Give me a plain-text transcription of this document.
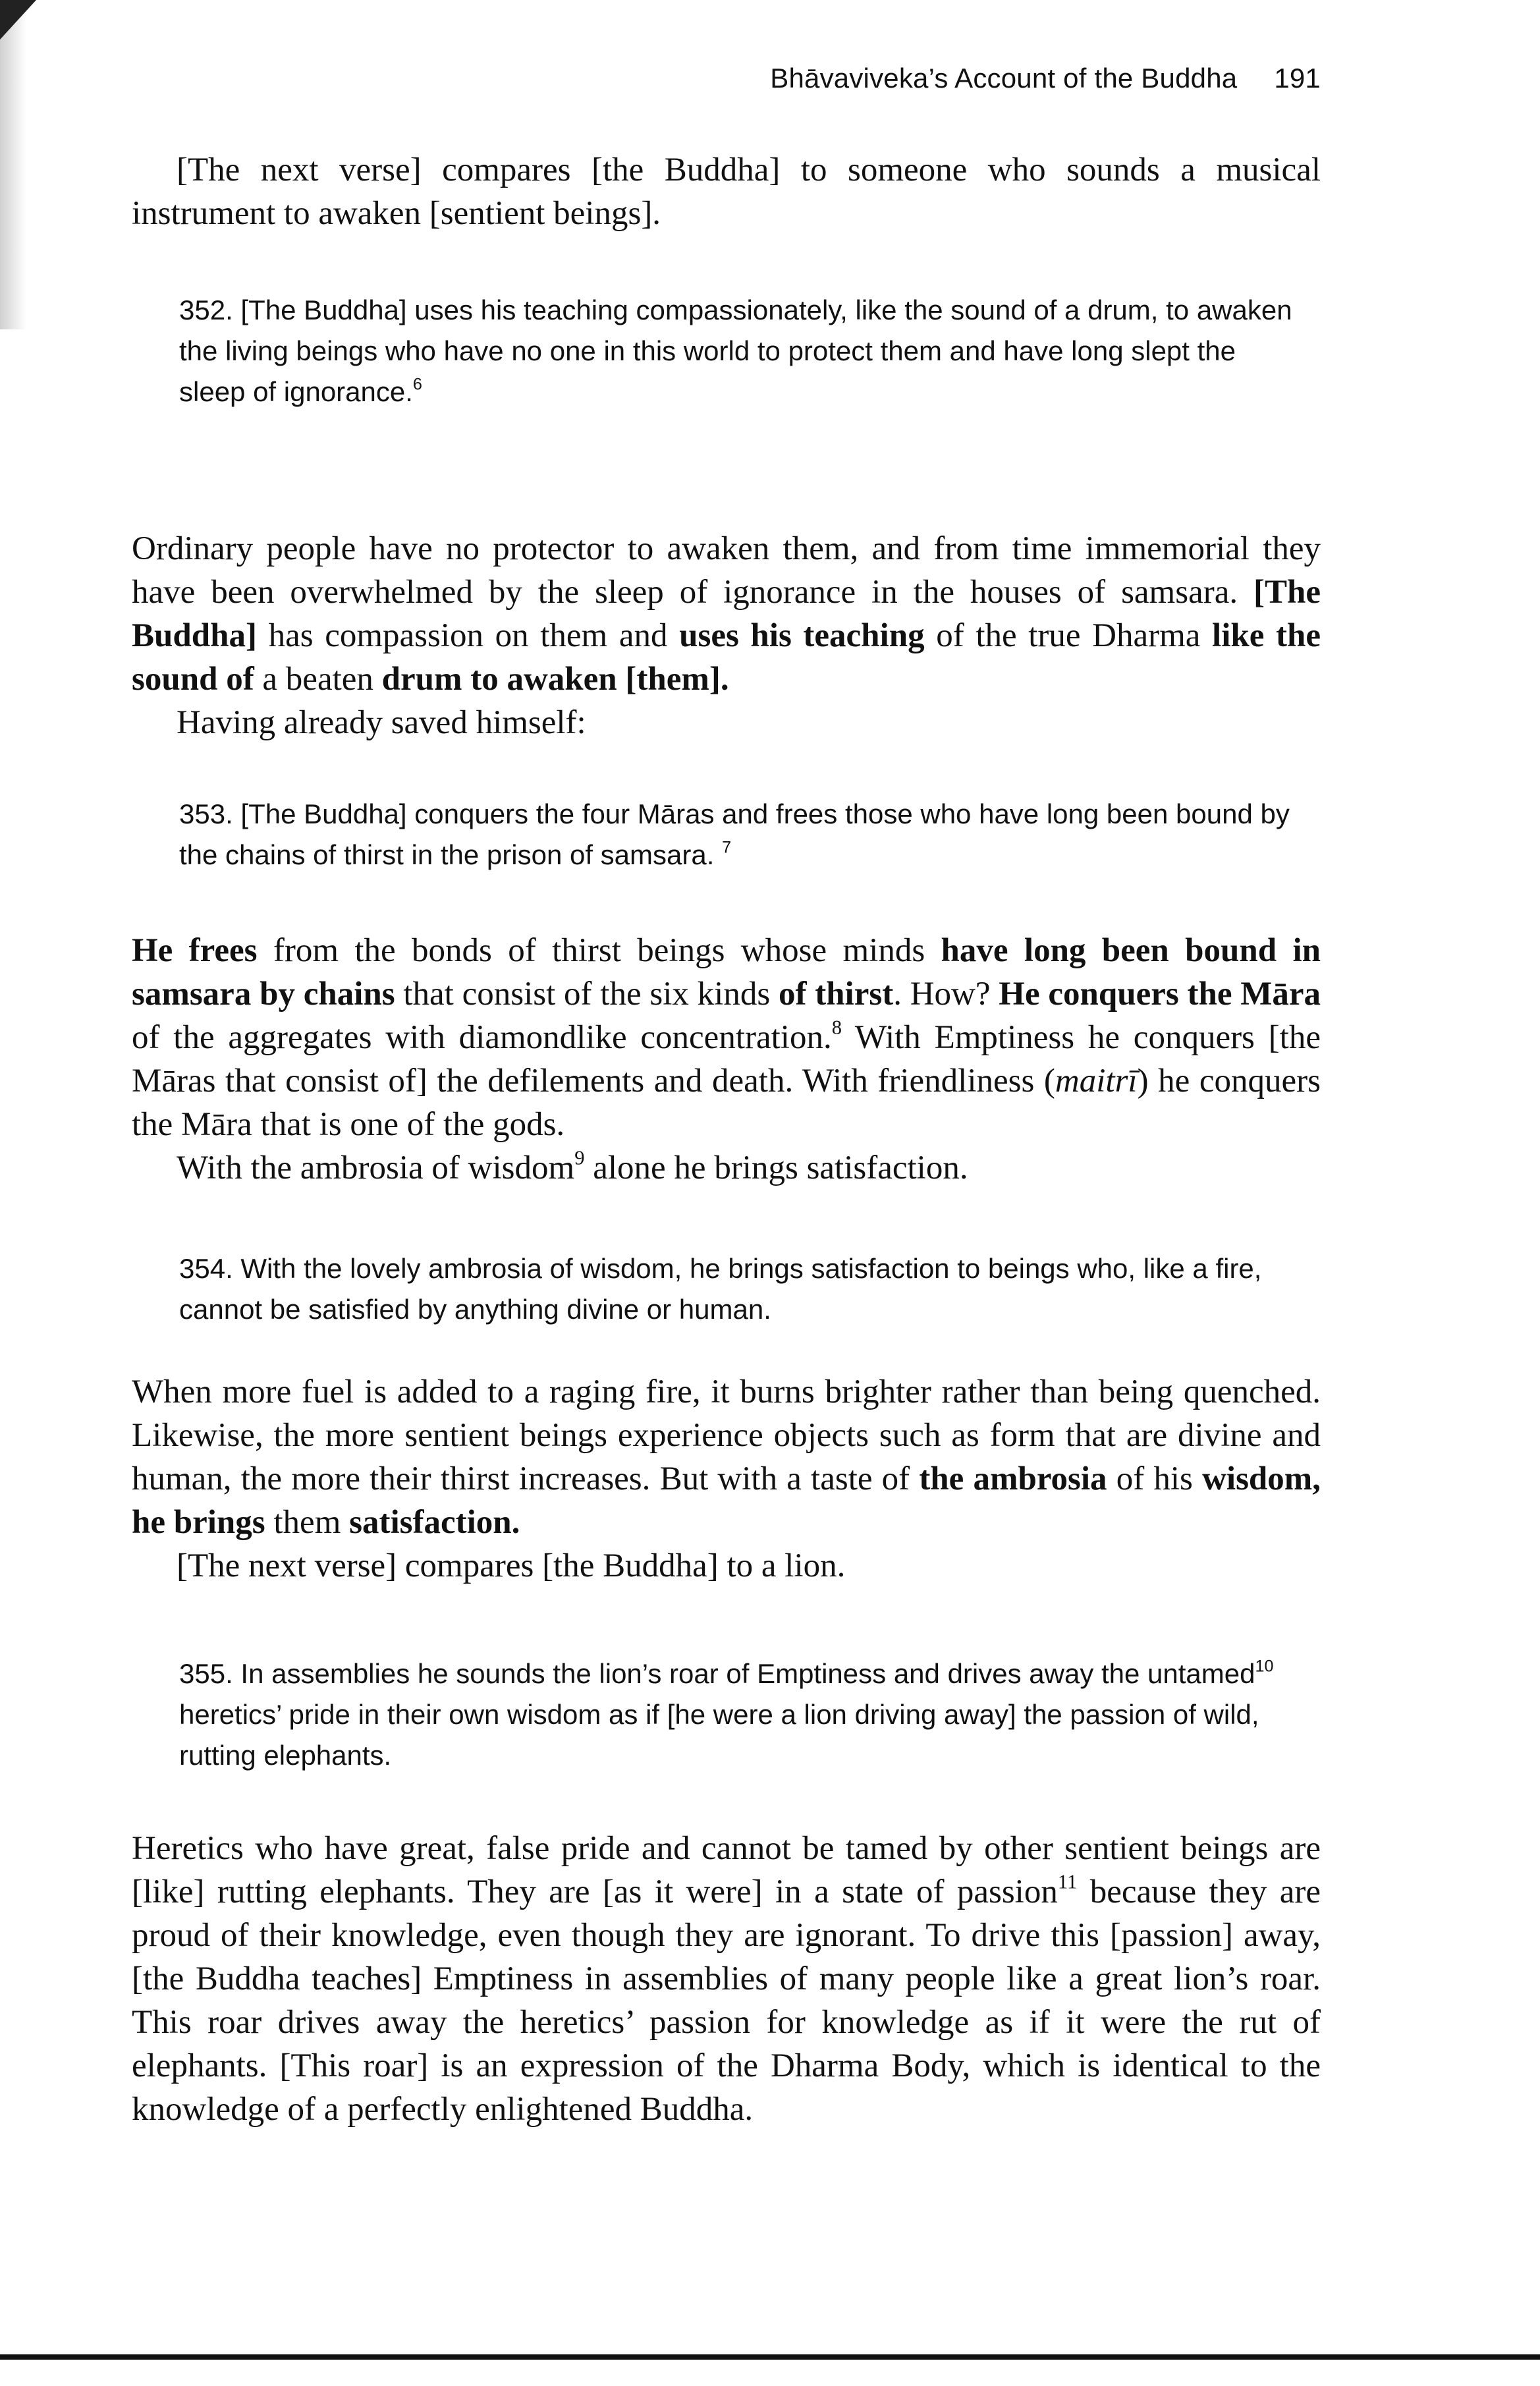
Bhāvaviveka’s Account of the Buddha 191

[The next verse] compares [the Buddha] to someone who sounds a musical instrument to awaken [sentient beings].

352. [The Buddha] uses his teaching compassionately, like the sound of a drum, to awaken the living beings who have no one in this world to protect them and have long slept the sleep of ignorance.$^6$

Ordinary people have no protector to awaken them, and from time immemorial they have been overwhelmed by the sleep of ignorance in the houses of samsara. [The Buddha] has compassion on them and uses his teaching of the true Dharma like the sound of a beaten drum to awaken [them].

Having already saved himself:

353. [The Buddha] conquers the four Māras and frees those who have long been bound by the chains of thirst in the prison of samsara. $^7$

He frees from the bonds of thirst beings whose minds have long been bound in samsara by chains that consist of the six kinds of thirst. How? He conquers the Māra of the aggregates with diamondlike concentration.$^8$ With Emptiness he conquers [the Māras that consist of] the defilements and death. With friendliness (maitrī) he conquers the Māra that is one of the gods.

With the ambrosia of wisdom$^9$ alone he brings satisfaction.

354. With the lovely ambrosia of wisdom, he brings satisfaction to beings who, like a fire, cannot be satisfied by anything divine or human.

When more fuel is added to a raging fire, it burns brighter rather than being quenched. Likewise, the more sentient beings experience objects such as form that are divine and human, the more their thirst increases. But with a taste of the ambrosia of his wisdom, he brings them satisfaction.

[The next verse] compares [the Buddha] to a lion.

355. In assemblies he sounds the lion’s roar of Emptiness and drives away the untamed$^{10}$ heretics’ pride in their own wisdom as if [he were a lion driving away] the passion of wild, rutting elephants.

Heretics who have great, false pride and cannot be tamed by other sentient beings are [like] rutting elephants. They are [as it were] in a state of passion$^{11}$ because they are proud of their knowledge, even though they are ignorant. To drive this [passion] away, [the Buddha teaches] Emptiness in assemblies of many people like a great lion’s roar. This roar drives away the heretics’ passion for knowledge as if it were the rut of elephants. [This roar] is an expression of the Dharma Body, which is identical to the knowledge of a perfectly enlightened Buddha.
